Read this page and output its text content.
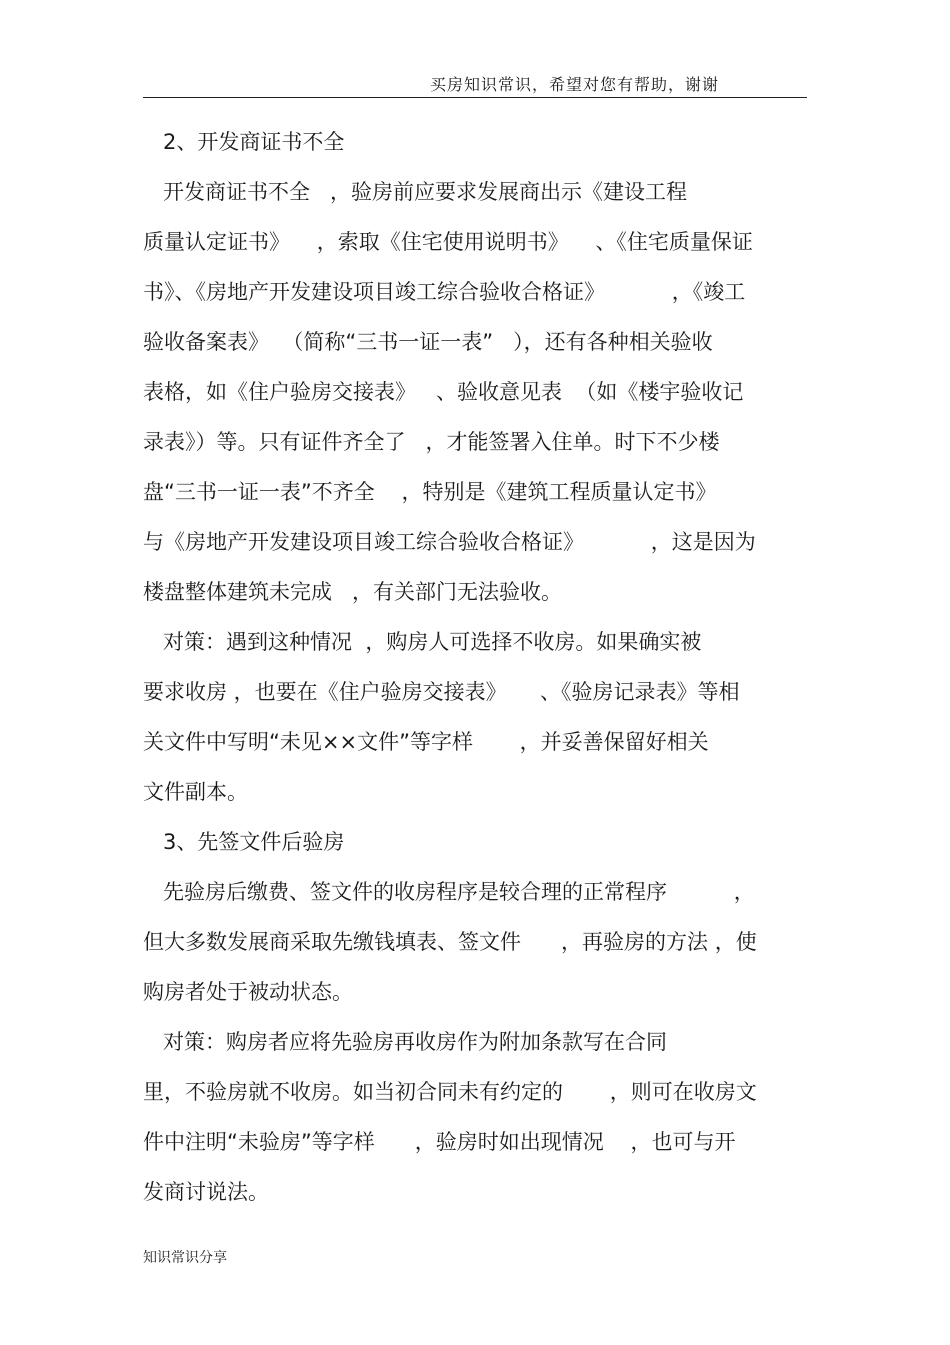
买房知识常识，希望对您有帮助，谢谢
2、开发商证书不全
开发商证书不全   ，验房前应要求发展商出示《建设工程
质量认定证书》    ，索取《住宅使用说明书》    、《住宅质量保证
书》、《房地产开发建设项目竣工综合验收合格证》          ，《竣工
验收备案表》  （简称“三书一证一表”   ），还有各种相关验收
表格，如《住户验房交接表》   、验收意见表  （如《楼宇验收记
录表》）等。只有证件齐全了   ，才能签署入住单。时下不少楼
盘“三书一证一表”不齐全    ，特别是《建筑工程质量认定书》
与《房地产开发建设项目竣工综合验收合格证》          ，这是因为
楼盘整体建筑未完成   ，有关部门无法验收。
对策：遇到这种情况  ，购房人可选择不收房。如果确实被
要求收房 ，也要在《住户验房交接表》     、《验房记录表》等相
关文件中写明“未见××文件”等字样       ，并妥善保留好相关
文件副本。
3、先签文件后验房
先验房后缴费、签文件的收房程序是较合理的正常程序          ，
但大多数发展商采取先缴钱填表、签文件      ，再验房的方法 ，使
购房者处于被动状态。
对策：购房者应将先验房再收房作为附加条款写在合同
里，不验房就不收房。如当初合同未有约定的       ，则可在收房文
件中注明“未验房”等字样      ，验房时如出现情况    ，也可与开
发商讨说法。
知识常识分享
